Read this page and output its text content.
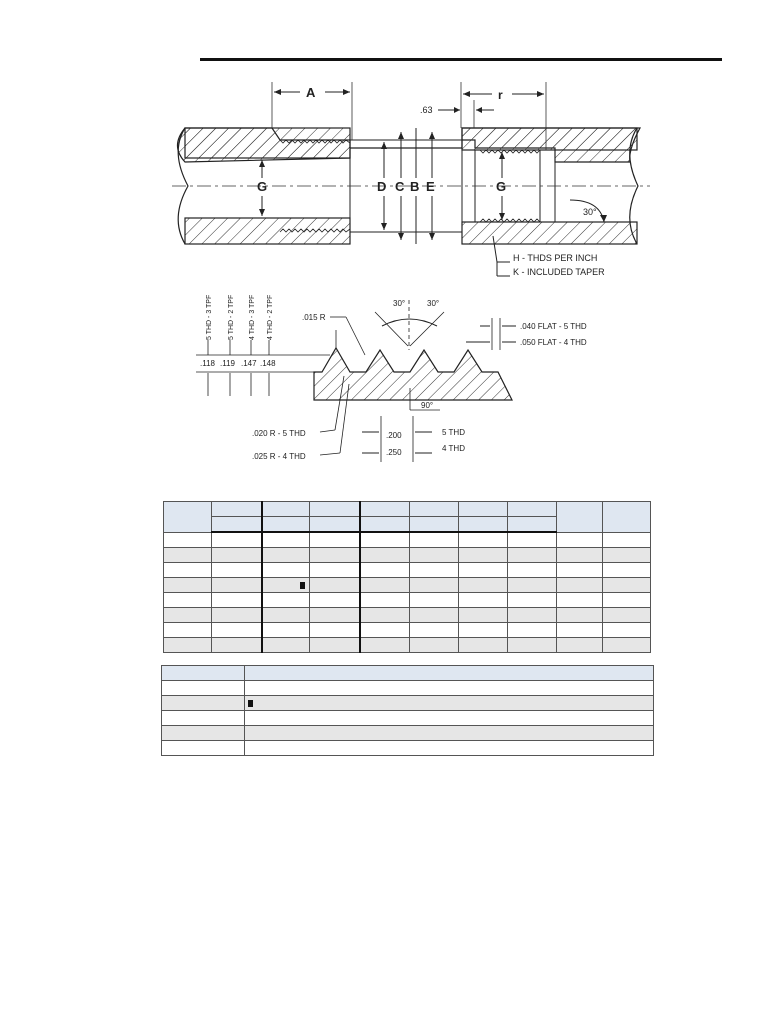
A	r
.63
G	D C B E	G
30°
H - THDS PER INCH
K - INCLUDED TAPER
5 THD - 3 TPF 5 THD - 2 TPF 4 THD - 3 TPF 4 THD - 2 TPF
.118 .119 .147 .148
.015 R
30°	30°
.040 FLAT - 5 THD
.050 FLAT - 4 THD
90°
.020 R - 5 THD
.025 R - 4 THD
.200
.250
5 THD
4 THD
